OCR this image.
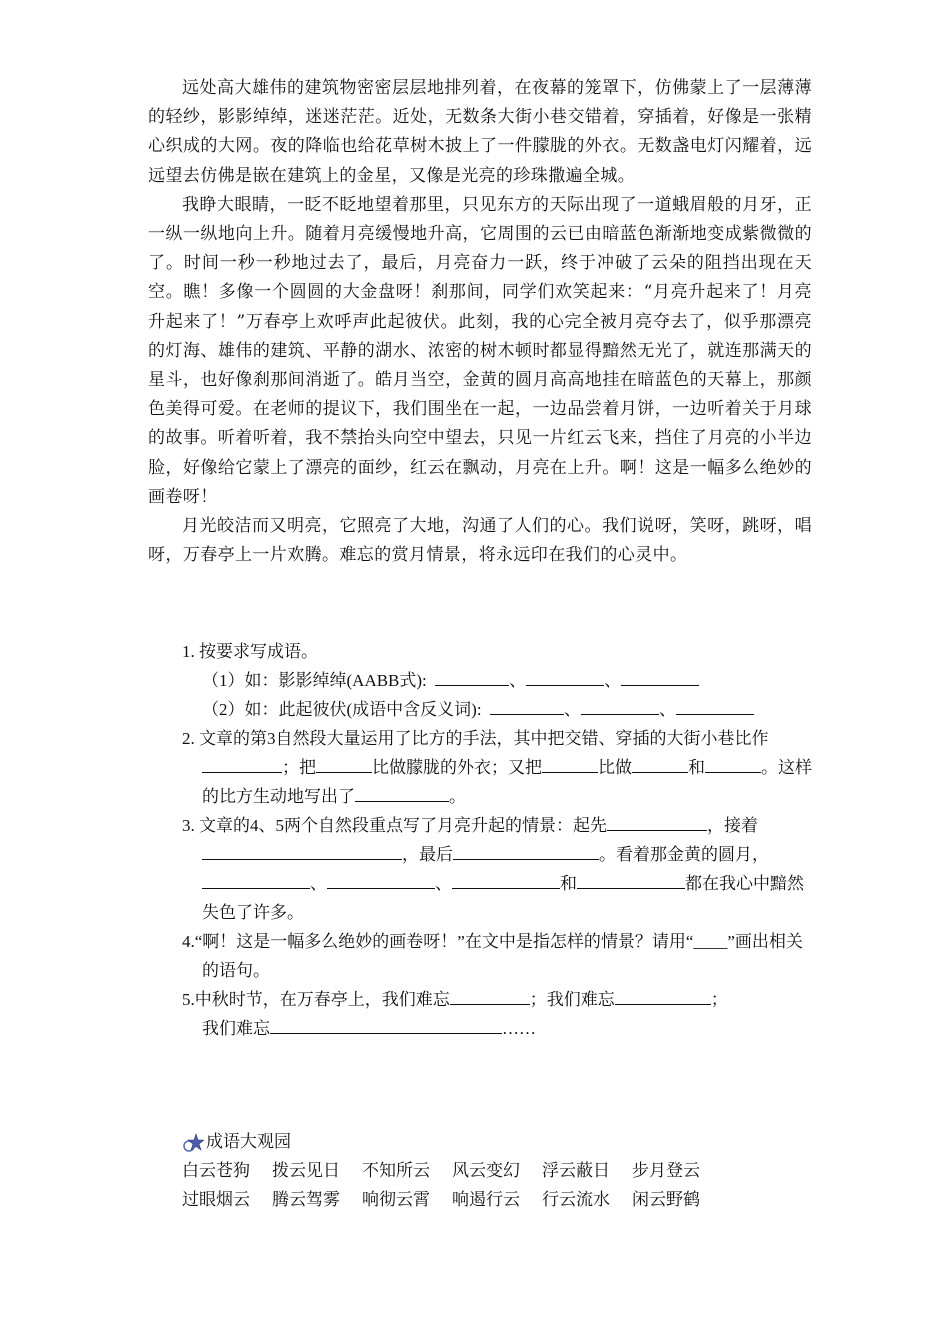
远处高大雄伟的建筑物密密层层地排列着，在夜幕的笼罩下，仿佛蒙上了一层薄薄的轻纱，影影绰绰，迷迷茫茫。近处，无数条大街小巷交错着，穿插着，好像是一张精心织成的大网。夜的降临也给花草树木披上了一件朦胧的外衣。无数盏电灯闪耀着，远远望去仿佛是嵌在建筑上的金星，又像是光亮的珍珠撒遍全城。

我睁大眼睛，一眨不眨地望着那里，只见东方的天际出现了一道蛾眉般的月牙，正一纵一纵地向上升。随着月亮缓慢地升高，它周围的云已由暗蓝色渐渐地变成紫微微的了。时间一秒一秒地过去了，最后，月亮奋力一跃，终于冲破了云朵的阻挡出现在天空。瞧！多像一个圆圆的大金盘呀！刹那间，同学们欢笑起来：“月亮升起来了！月亮升起来了！”万春亭上欢呼声此起彼伏。此刻，我的心完全被月亮夺去了，似乎那漂亮的灯海、雄伟的建筑、平静的湖水、浓密的树木顿时都显得黯然无光了，就连那满天的星斗，也好像刹那间消逝了。皓月当空，金黄的圆月高高地挂在暗蓝色的天幕上，那颜色美得可爱。在老师的提议下，我们围坐在一起，一边品尝着月饼，一边听着关于月球的故事。听着听着，我不禁抬头向空中望去，只见一片红云飞来，挡住了月亮的小半边脸，好像给它蒙上了漂亮的面纱，红云在飘动，月亮在上升。啊！这是一幅多么绝妙的画卷呀！

月光皎洁而又明亮，它照亮了大地，沟通了人们的心。我们说呀，笑呀，跳呀，唱呀，万春亭上一片欢腾。难忘的赏月情景，将永远印在我们的心灵中。

1. 按要求写成语。

（1）如：影影绰绰(AABB式):	、	、

（2）如：此起彼伏(成语中含反义词):	、	、

2. 文章的第3自然段大量运用了比方的手法，其中把交错、穿插的大街小巷比作；把	比做朦胧的外衣；又把	比做	和	。这样的比方生动地写出了	。

3. 文章的4、5两个自然段重点写了月亮升起的情景：起先	，接着，最后	。看着那金黄的圆月，、	、	和	都在我心中黯然失色了许多。

4.“啊！这是一幅多么绝妙的画卷呀！”在文中是指怎样的情景？请用“____”画出相关的语句。

5.中秋时节，在万春亭上，我们难忘	；我们难忘	；
我们难忘	……

成语大观园
白云苍狗 拨云见日 不知所云 风云变幻 浮云蔽日 步月登云
过眼烟云 腾云驾雾 响彻云霄 响遏行云 行云流水 闲云野鹤
